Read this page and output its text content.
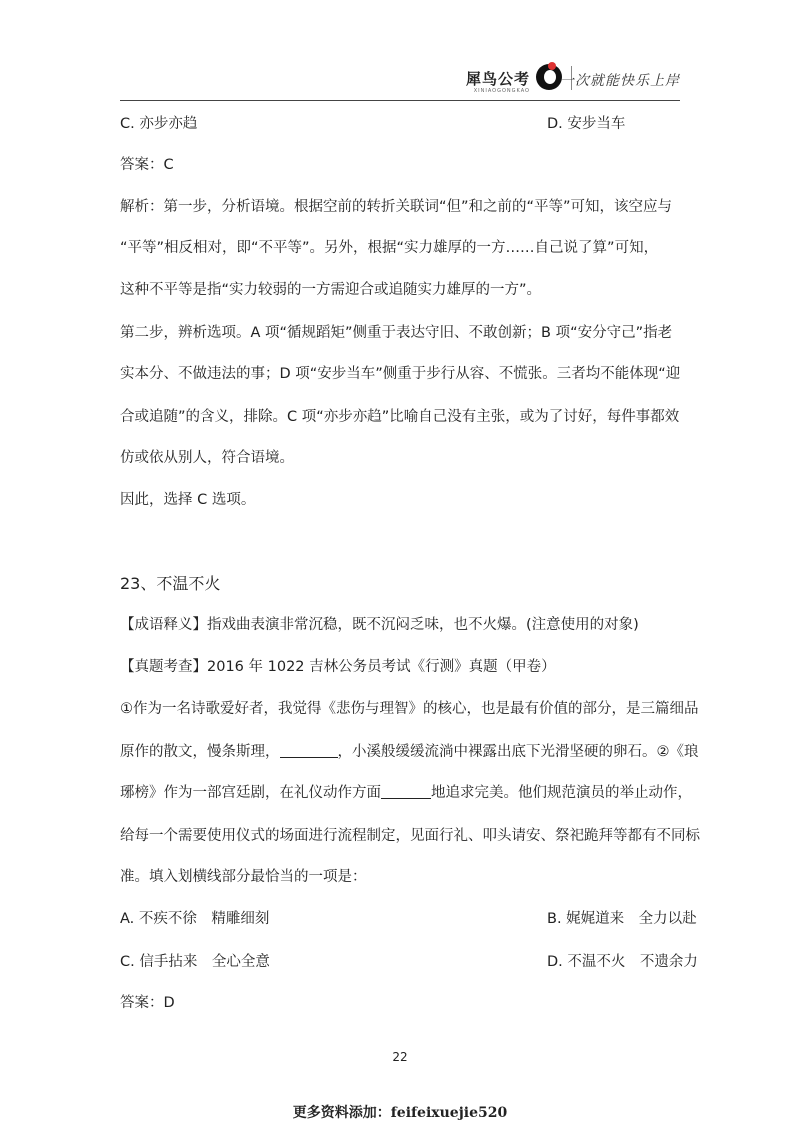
犀鸟公考
XINIAOGONGKAO
一次就能快乐上岸
C. 亦步亦趋	D. 安步当车
答案：C
解析：第一步，分析语境。根据空前的转折关联词“但”和之前的“平等”可知，该空应与
“平等”相反相对，即“不平等”。另外，根据“实力雄厚的一方……自己说了算”可知，
这种不平等是指“实力较弱的一方需迎合或追随实力雄厚的一方”。
第二步，辨析选项。A 项“循规蹈矩”侧重于表达守旧、不敢创新；B 项“安分守己”指老
实本分、不做违法的事；D 项“安步当车”侧重于步行从容、不慌张。三者均不能体现“迎
合或追随”的含义，排除。C 项“亦步亦趋”比喻自己没有主张，或为了讨好，每件事都效
仿或依从别人，符合语境。
因此，选择 C 选项。
23、不温不火
【成语释义】指戏曲表演非常沉稳，既不沉闷乏味，也不火爆。(注意使用的对象)
【真题考查】2016 年 1022 吉林公务员考试《行测》真题（甲卷）
①作为一名诗歌爱好者，我觉得《悲伤与理智》的核心，也是最有价值的部分，是三篇细品
原作的散文，慢条斯理，	，小溪般缓缓流淌中裸露出底下光滑坚硬的卵石。②《琅
琊榜》作为一部宫廷剧，在礼仪动作方面	地追求完美。他们规范演员的举止动作，
给每一个需要使用仪式的场面进行流程制定，见面行礼、叩头请安、祭祀跪拜等都有不同标
准。填入划横线部分最恰当的一项是：
A. 不疾不徐　精雕细刻	B. 娓娓道来　全力以赴
C. 信手拈来　全心全意	D. 不温不火　不遗余力
答案：D
22
更多资料添加：feifeixuejie520
